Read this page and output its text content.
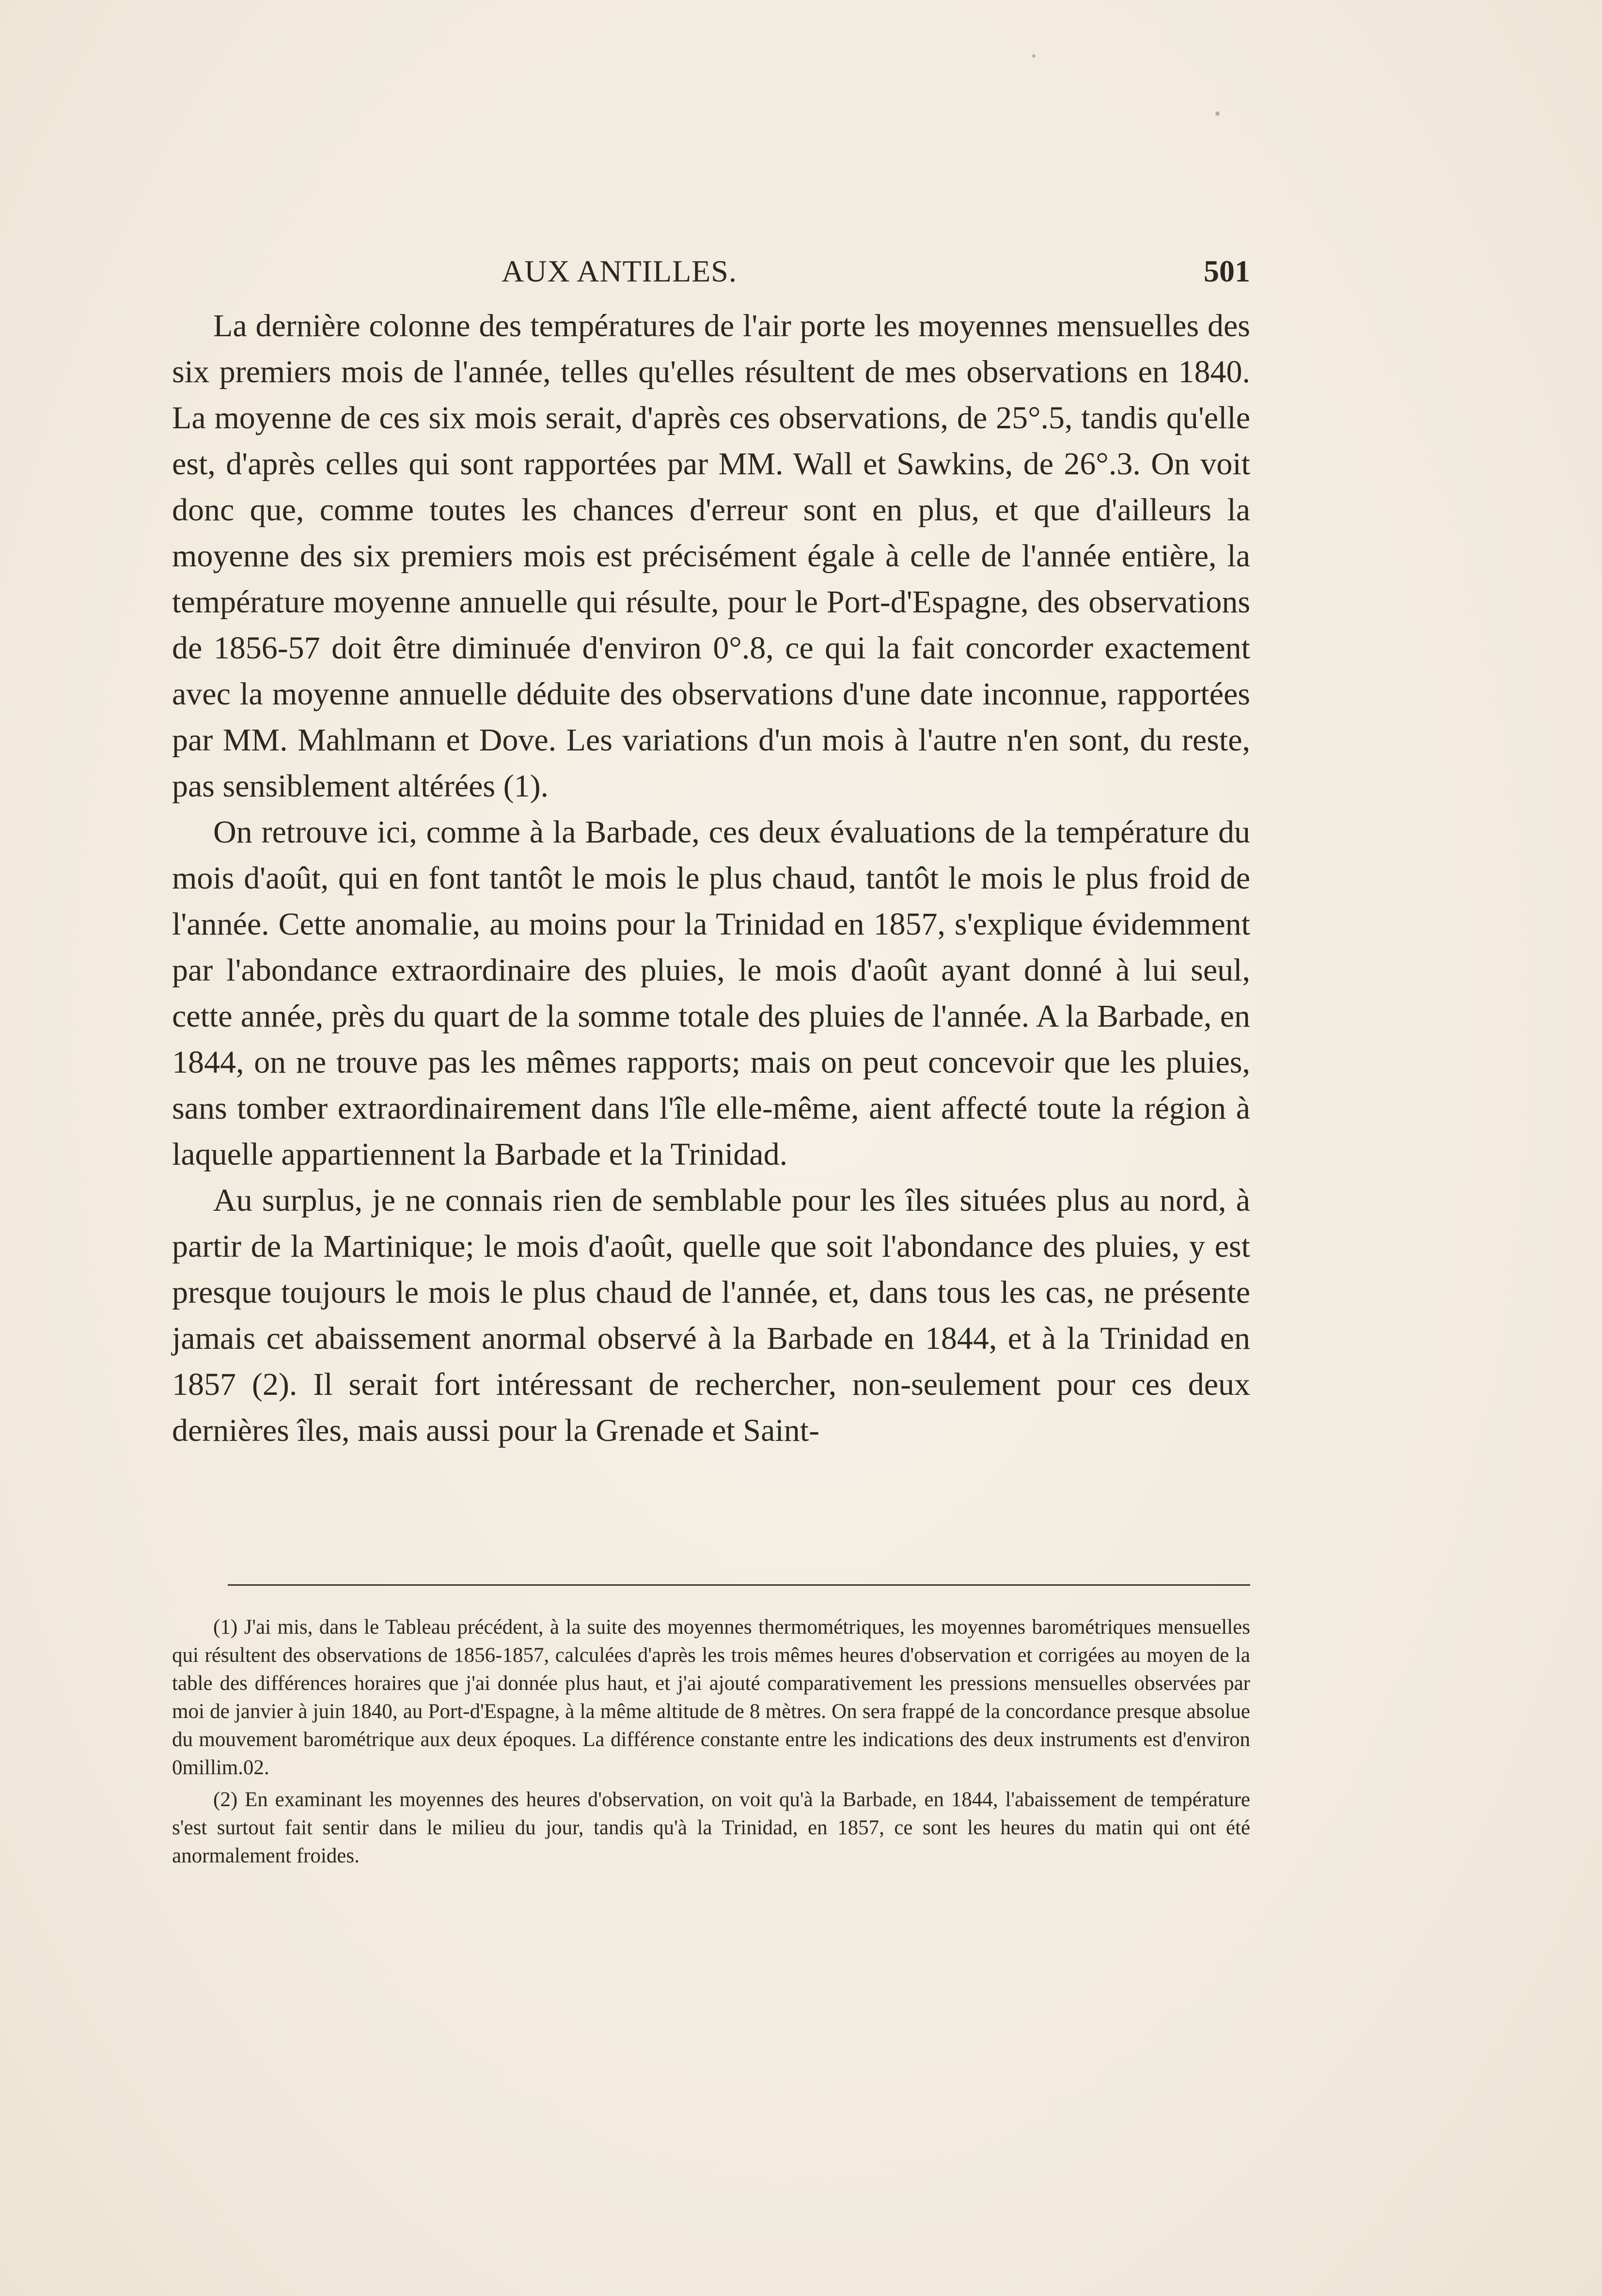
AUX ANTILLES.	501

La dernière colonne des températures de l'air porte les moyennes mensuelles des six premiers mois de l'année, telles qu'elles résultent de mes observations en 1840. La moyenne de ces six mois serait, d'après ces observations, de 25°.5, tandis qu'elle est, d'après celles qui sont rapportées par MM. Wall et Sawkins, de 26°.3. On voit donc que, comme toutes les chances d'erreur sont en plus, et que d'ailleurs la moyenne des six premiers mois est précisément égale à celle de l'année entière, la température moyenne annuelle qui résulte, pour le Port-d'Espagne, des observations de 1856-57 doit être diminuée d'environ 0°.8, ce qui la fait concorder exactement avec la moyenne annuelle déduite des observations d'une date inconnue, rapportées par MM. Mahlmann et Dove. Les variations d'un mois à l'autre n'en sont, du reste, pas sensiblement altérées (1).

On retrouve ici, comme à la Barbade, ces deux évaluations de la température du mois d'août, qui en font tantôt le mois le plus chaud, tantôt le mois le plus froid de l'année. Cette anomalie, au moins pour la Trinidad en 1857, s'explique évidemment par l'abondance extraordinaire des pluies, le mois d'août ayant donné à lui seul, cette année, près du quart de la somme totale des pluies de l'année. A la Barbade, en 1844, on ne trouve pas les mêmes rapports; mais on peut concevoir que les pluies, sans tomber extraordinairement dans l'île elle-même, aient affecté toute la région à laquelle appartiennent la Barbade et la Trinidad.

Au surplus, je ne connais rien de semblable pour les îles situées plus au nord, à partir de la Martinique; le mois d'août, quelle que soit l'abondance des pluies, y est presque toujours le mois le plus chaud de l'année, et, dans tous les cas, ne présente jamais cet abaissement anormal observé à la Barbade en 1844, et à la Trinidad en 1857 (2). Il serait fort intéressant de rechercher, non-seulement pour ces deux dernières îles, mais aussi pour la Grenade et Saint-

(1) J'ai mis, dans le Tableau précédent, à la suite des moyennes thermométriques, les moyennes barométriques mensuelles qui résultent des observations de 1856-1857, calculées d'après les trois mêmes heures d'observation et corrigées au moyen de la table des différences horaires que j'ai donnée plus haut, et j'ai ajouté comparativement les pressions mensuelles observées par moi de janvier à juin 1840, au Port-d'Espagne, à la même altitude de 8 mètres. On sera frappé de la concordance presque absolue du mouvement barométrique aux deux époques. La différence constante entre les indications des deux instruments est d'environ 0millim.02.

(2) En examinant les moyennes des heures d'observation, on voit qu'à la Barbade, en 1844, l'abaissement de température s'est surtout fait sentir dans le milieu du jour, tandis qu'à la Trinidad, en 1857, ce sont les heures du matin qui ont été anormalement froides.
